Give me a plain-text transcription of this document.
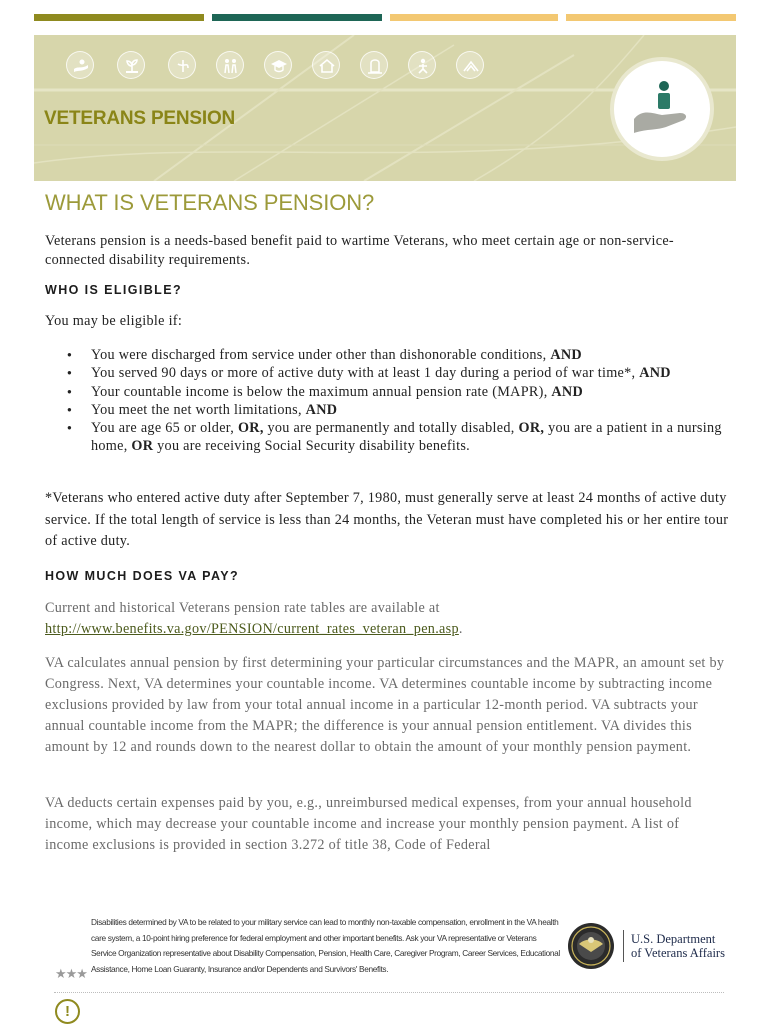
VETERANS PENSION
WHAT IS VETERANS PENSION?

Veterans pension is a needs-based benefit paid to wartime Veterans, who meet certain age or non-service-connected disability requirements.

WHO IS ELIGIBLE?

You may be eligible if:

● You were discharged from service under other than dishonorable conditions, AND
● You served 90 days or more of active duty with at least 1 day during a period of war time*, AND
● Your countable income is below the maximum annual pension rate (MAPR), AND
● You meet the net worth limitations, AND
● You are age 65 or older, OR, you are permanently and totally disabled, OR, you are a patient in a nursing home, OR you are receiving Social Security disability benefits.

*Veterans who entered active duty after September 7, 1980, must generally serve at least 24 months of active duty service. If the total length of service is less than 24 months, the Veteran must have completed his or her entire tour of active duty.

HOW MUCH DOES VA PAY?

Current and historical Veterans pension rate tables are available at http://www.benefits.va.gov/PENSION/current_rates_veteran_pen.asp.

VA calculates annual pension by first determining your particular circumstances and the MAPR, an amount set by Congress. Next, VA determines your countable income. VA determines countable income by subtracting income exclusions provided by law from your total annual income in a particular 12-month period. VA subtracts your annual countable income from the MAPR; the difference is your annual pension entitlement. VA divides this amount by 12 and rounds down to the nearest dollar to obtain the amount of your monthly pension payment.

VA deducts certain expenses paid by you, e.g., unreimbursed medical expenses, from your annual household income, which may decrease your countable income and increase your monthly pension payment. A list of income exclusions is provided in section 3.272 of title 38, Code of Federal

Disabilities determined by VA to be related to your military service can lead to monthly non-taxable compensation, enrollment in the VA health care system, a 10-point hiring preference for federal employment and other important benefits. Ask your VA representative or Veterans Service Organization representative about Disability Compensation, Pension, Health Care, Caregiver Program, Career Services, Educational Assistance, Home Loan Guaranty, Insurance and/or Dependents and Survivors' Benefits.
★★★
U.S. Department
of Veterans Affairs
!
